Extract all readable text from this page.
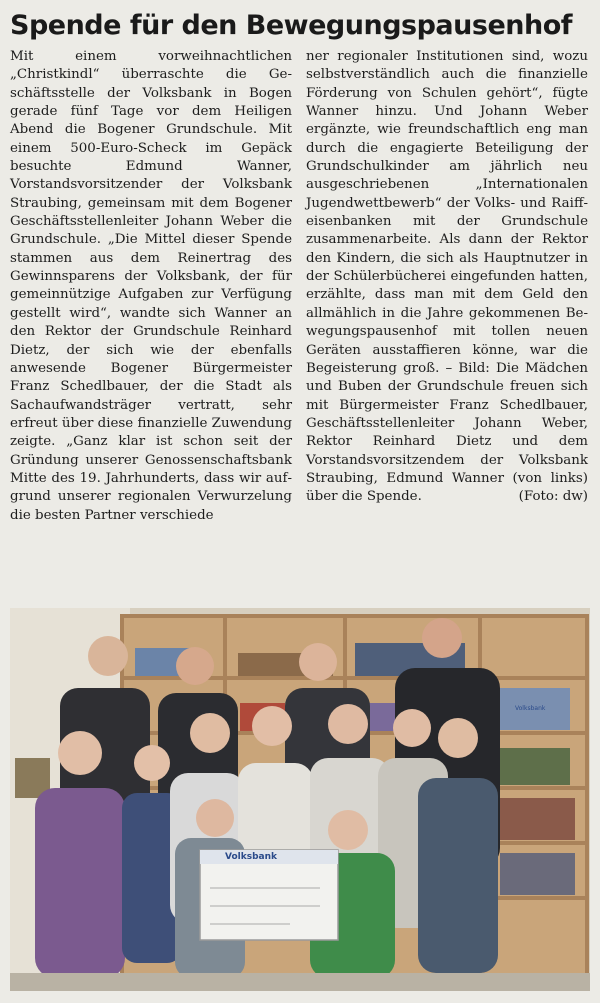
Spende für den Bewegungspausenhof

Mit einem vorweihnachtlichen „Christkindl“ überraschte die Geschäftsstelle der Volksbank in Bogen gerade fünf Tage vor dem Heiligen Abend die Bogener Grundschule. Mit einem 500-Euro-Scheck im Gepäck besuchte Edmund Wanner, Vorstandsvorsitzender der Volksbank Straubing, gemeinsam mit dem Bogener Geschäftsstellenleiter Johann Weber die Grundschule. „Die Mittel dieser Spende stammen aus dem Reinertrag des Gewinnsparens der Volksbank, der für gemeinnützige Aufgaben zur Verfügung gestellt wird“, wandte sich Wanner an den Rektor der Grundschule Reinhard Dietz, der sich wie der ebenfalls anwesende Bogener Bürgermeister Franz Schedlbauer, der die Stadt als Sachaufwandsträger vertratt, sehr erfreut über diese finanzielle Zuwendung zeigte. „Ganz klar ist schon seit der Gründung unserer Genossenschaftsbank Mitte des 19. Jahrhunderts, dass wir aufgrund unserer regionalen Verwurzelung die besten Partner verschiede

ner regionaler Institutionen sind, wozu selbstverständlich auch die finanzielle Förderung von Schulen gehört“, fügte Wanner hinzu. Und Johann Weber ergänzte, wie freundschaftlich eng man durch die engagierte Beteiligung der Grundschulkinder am jährlich neu ausgeschriebenen „Internationalen Jugendwettbewerb“ der Volks- und Raiffeisenbanken mit der Grundschule zusammenarbeite. Als dann der Rektor den Kindern, die sich als Hauptnutzer in der Schülerbücherei eingefunden hatten, erzählte, dass man mit dem Geld den allmählich in die Jahre gekommenen Bewegungspausenhof mit tollen neuen Geräten ausstaffieren könne, war die Begeisterung groß. – Bild: Die Mädchen und Buben der Grundschule freuen sich mit Bürgermeister Franz Schedlbauer, Geschäftsstellenleiter Johann Weber, Rektor Reinhard Dietz und dem Vorstandsvorsitzendem der Volksbank Straubing, Edmund Wanner (von links) über die Spende.	(Foto: dw)

Volksbank
Volksbank
